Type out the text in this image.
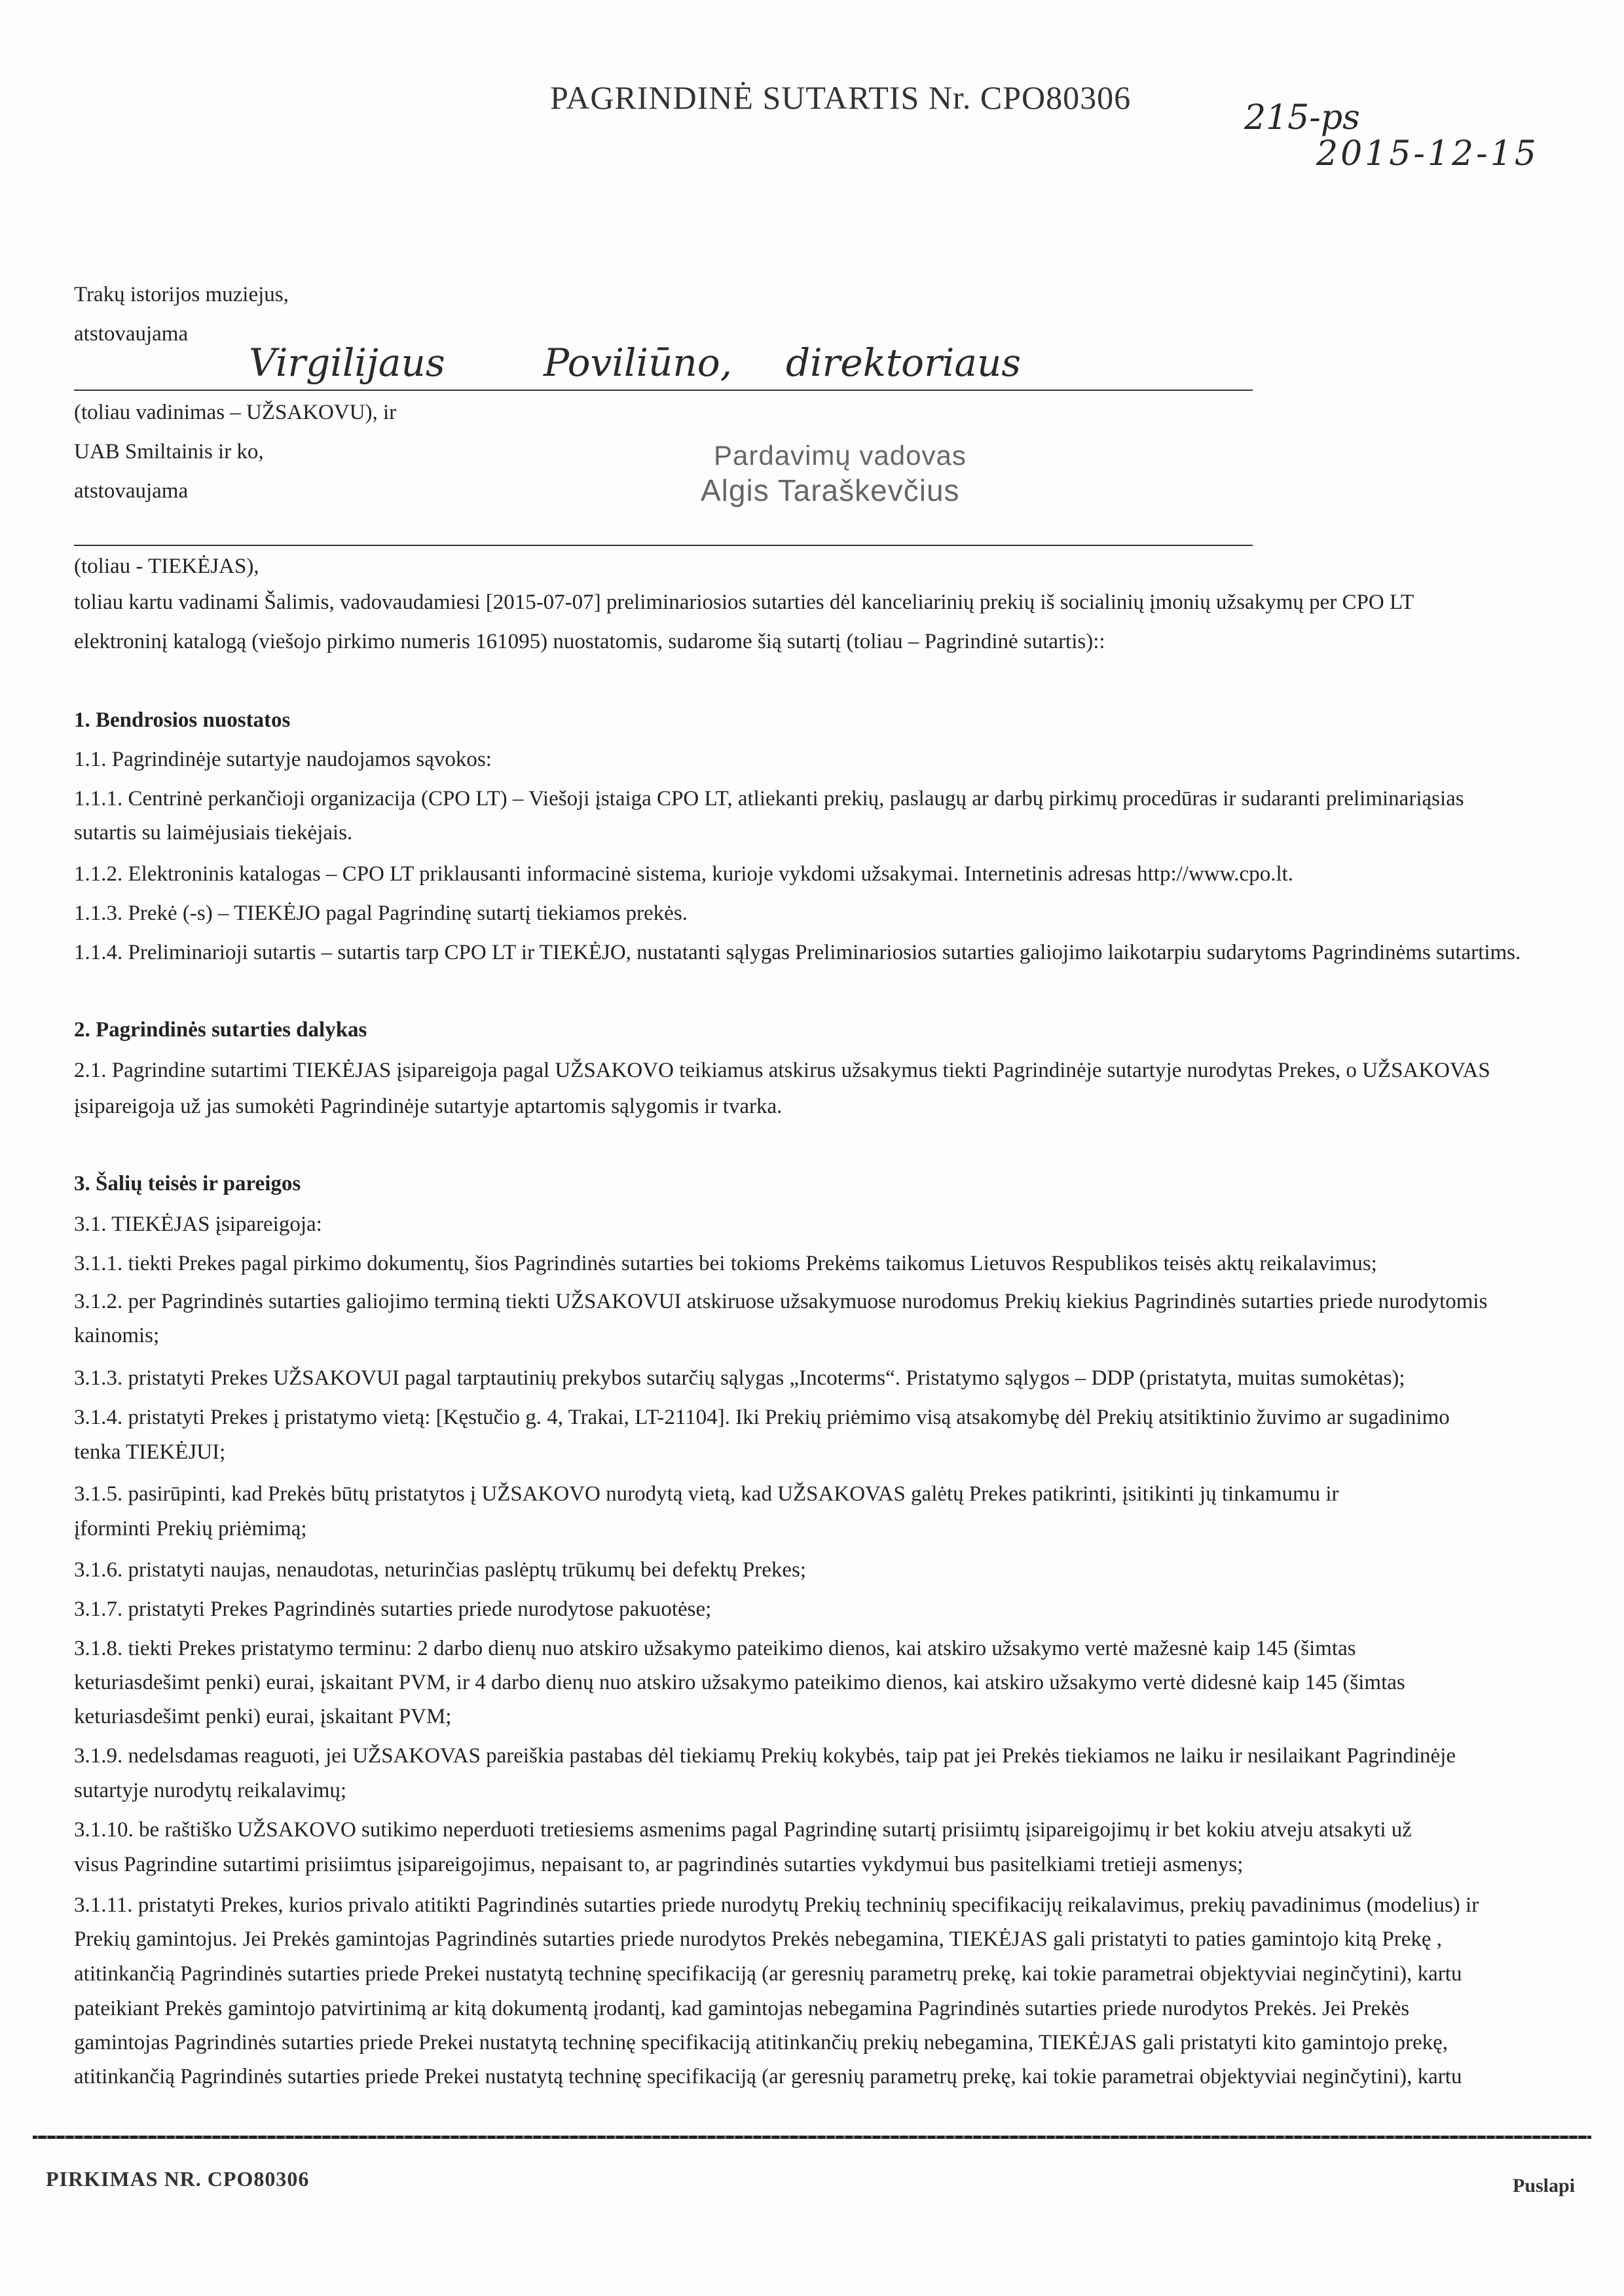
PAGRINDINĖ SUTARTIS Nr. CPO80306
215-ps
2015-12-15
Trakų istorijos muziejus,
atstovaujama
Virgilijaus	Poviliūno, direktoriaus
(toliau vadinimas – UŽSAKOVU), ir
UAB Smiltainis ir ko,
atstovaujama
Pardavimų vadovas
Algis Taraškevčius
(toliau - TIEKĖJAS),
toliau kartu vadinami Šalimis, vadovaudamiesi [2015-07-07] preliminariosios sutarties dėl kanceliarinių prekių iš socialinių įmonių užsakymų per CPO LT
elektroninį katalogą (viešojo pirkimo numeris 161095) nuostatomis, sudarome šią sutartį (toliau – Pagrindinė sutartis)::
1. Bendrosios nuostatos
1.1. Pagrindinėje sutartyje naudojamos sąvokos:
1.1.1. Centrinė perkančioji organizacija (CPO LT) – Viešoji įstaiga CPO LT, atliekanti prekių, paslaugų ar darbų pirkimų procedūras ir sudaranti preliminariąsias
sutartis su laimėjusiais tiekėjais.
1.1.2. Elektroninis katalogas – CPO LT priklausanti informacinė sistema, kurioje vykdomi užsakymai. Internetinis adresas http://www.cpo.lt.
1.1.3. Prekė (-s) – TIEKĖJO pagal Pagrindinę sutartį tiekiamos prekės.
1.1.4. Preliminarioji sutartis – sutartis tarp CPO LT ir TIEKĖJO, nustatanti sąlygas Preliminariosios sutarties galiojimo laikotarpiu sudarytoms Pagrindinėms sutartims.
2. Pagrindinės sutarties dalykas
2.1. Pagrindine sutartimi TIEKĖJAS įsipareigoja pagal UŽSAKOVO teikiamus atskirus užsakymus tiekti Pagrindinėje sutartyje nurodytas Prekes, o UŽSAKOVAS
įsipareigoja už jas sumokėti Pagrindinėje sutartyje aptartomis sąlygomis ir tvarka.
3. Šalių teisės ir pareigos
3.1. TIEKĖJAS įsipareigoja:
3.1.1. tiekti Prekes pagal pirkimo dokumentų, šios Pagrindinės sutarties bei tokioms Prekėms taikomus Lietuvos Respublikos teisės aktų reikalavimus;
3.1.2. per Pagrindinės sutarties galiojimo terminą tiekti UŽSAKOVUI atskiruose užsakymuose nurodomus Prekių kiekius Pagrindinės sutarties priede nurodytomis
kainomis;
3.1.3. pristatyti Prekes UŽSAKOVUI pagal tarptautinių prekybos sutarčių sąlygas „Incoterms“. Pristatymo sąlygos – DDP (pristatyta, muitas sumokėtas);
3.1.4. pristatyti Prekes į pristatymo vietą: [Kęstučio g. 4, Trakai, LT-21104]. Iki Prekių priėmimo visą atsakomybę dėl Prekių atsitiktinio žuvimo ar sugadinimo
tenka TIEKĖJUI;
3.1.5. pasirūpinti, kad Prekės būtų pristatytos į UŽSAKOVO nurodytą vietą, kad UŽSAKOVAS galėtų Prekes patikrinti, įsitikinti jų tinkamumu ir
įforminti Prekių priėmimą;
3.1.6. pristatyti naujas, nenaudotas, neturinčias paslėptų trūkumų bei defektų Prekes;
3.1.7. pristatyti Prekes Pagrindinės sutarties priede nurodytose pakuotėse;
3.1.8. tiekti Prekes pristatymo terminu: 2 darbo dienų nuo atskiro užsakymo pateikimo dienos, kai atskiro užsakymo vertė mažesnė kaip 145 (šimtas
keturiasdešimt penki) eurai, įskaitant PVM, ir 4 darbo dienų nuo atskiro užsakymo pateikimo dienos, kai atskiro užsakymo vertė didesnė kaip 145 (šimtas
keturiasdešimt penki) eurai, įskaitant PVM;
3.1.9. nedelsdamas reaguoti, jei UŽSAKOVAS pareiškia pastabas dėl tiekiamų Prekių kokybės, taip pat jei Prekės tiekiamos ne laiku ir nesilaikant Pagrindinėje
sutartyje nurodytų reikalavimų;
3.1.10. be raštiško UŽSAKOVO sutikimo neperduoti tretiesiems asmenims pagal Pagrindinę sutartį prisiimtų įsipareigojimų ir bet kokiu atveju atsakyti už
visus Pagrindine sutartimi prisiimtus įsipareigojimus, nepaisant to, ar pagrindinės sutarties vykdymui bus pasitelkiami tretieji asmenys;
3.1.11. pristatyti Prekes, kurios privalo atitikti Pagrindinės sutarties priede nurodytų Prekių techninių specifikacijų reikalavimus, prekių pavadinimus (modelius) ir
Prekių gamintojus. Jei Prekės gamintojas Pagrindinės sutarties priede nurodytos Prekės nebegamina, TIEKĖJAS gali pristatyti to paties gamintojo kitą Prekę ,
atitinkančią Pagrindinės sutarties priede Prekei nustatytą techninę specifikaciją (ar geresnių parametrų prekę, kai tokie parametrai objektyviai neginčytini), kartu
pateikiant Prekės gamintojo patvirtinimą ar kitą dokumentą įrodantį, kad gamintojas nebegamina Pagrindinės sutarties priede nurodytos Prekės. Jei Prekės
gamintojas Pagrindinės sutarties priede Prekei nustatytą techninę specifikaciją atitinkančių prekių nebegamina, TIEKĖJAS gali pristatyti kito gamintojo prekę,
atitinkančią Pagrindinės sutarties priede Prekei nustatytą techninę specifikaciją (ar geresnių parametrų prekę, kai tokie parametrai objektyviai neginčytini), kartu
PIRKIMAS NR. CPO80306	Puslapi
